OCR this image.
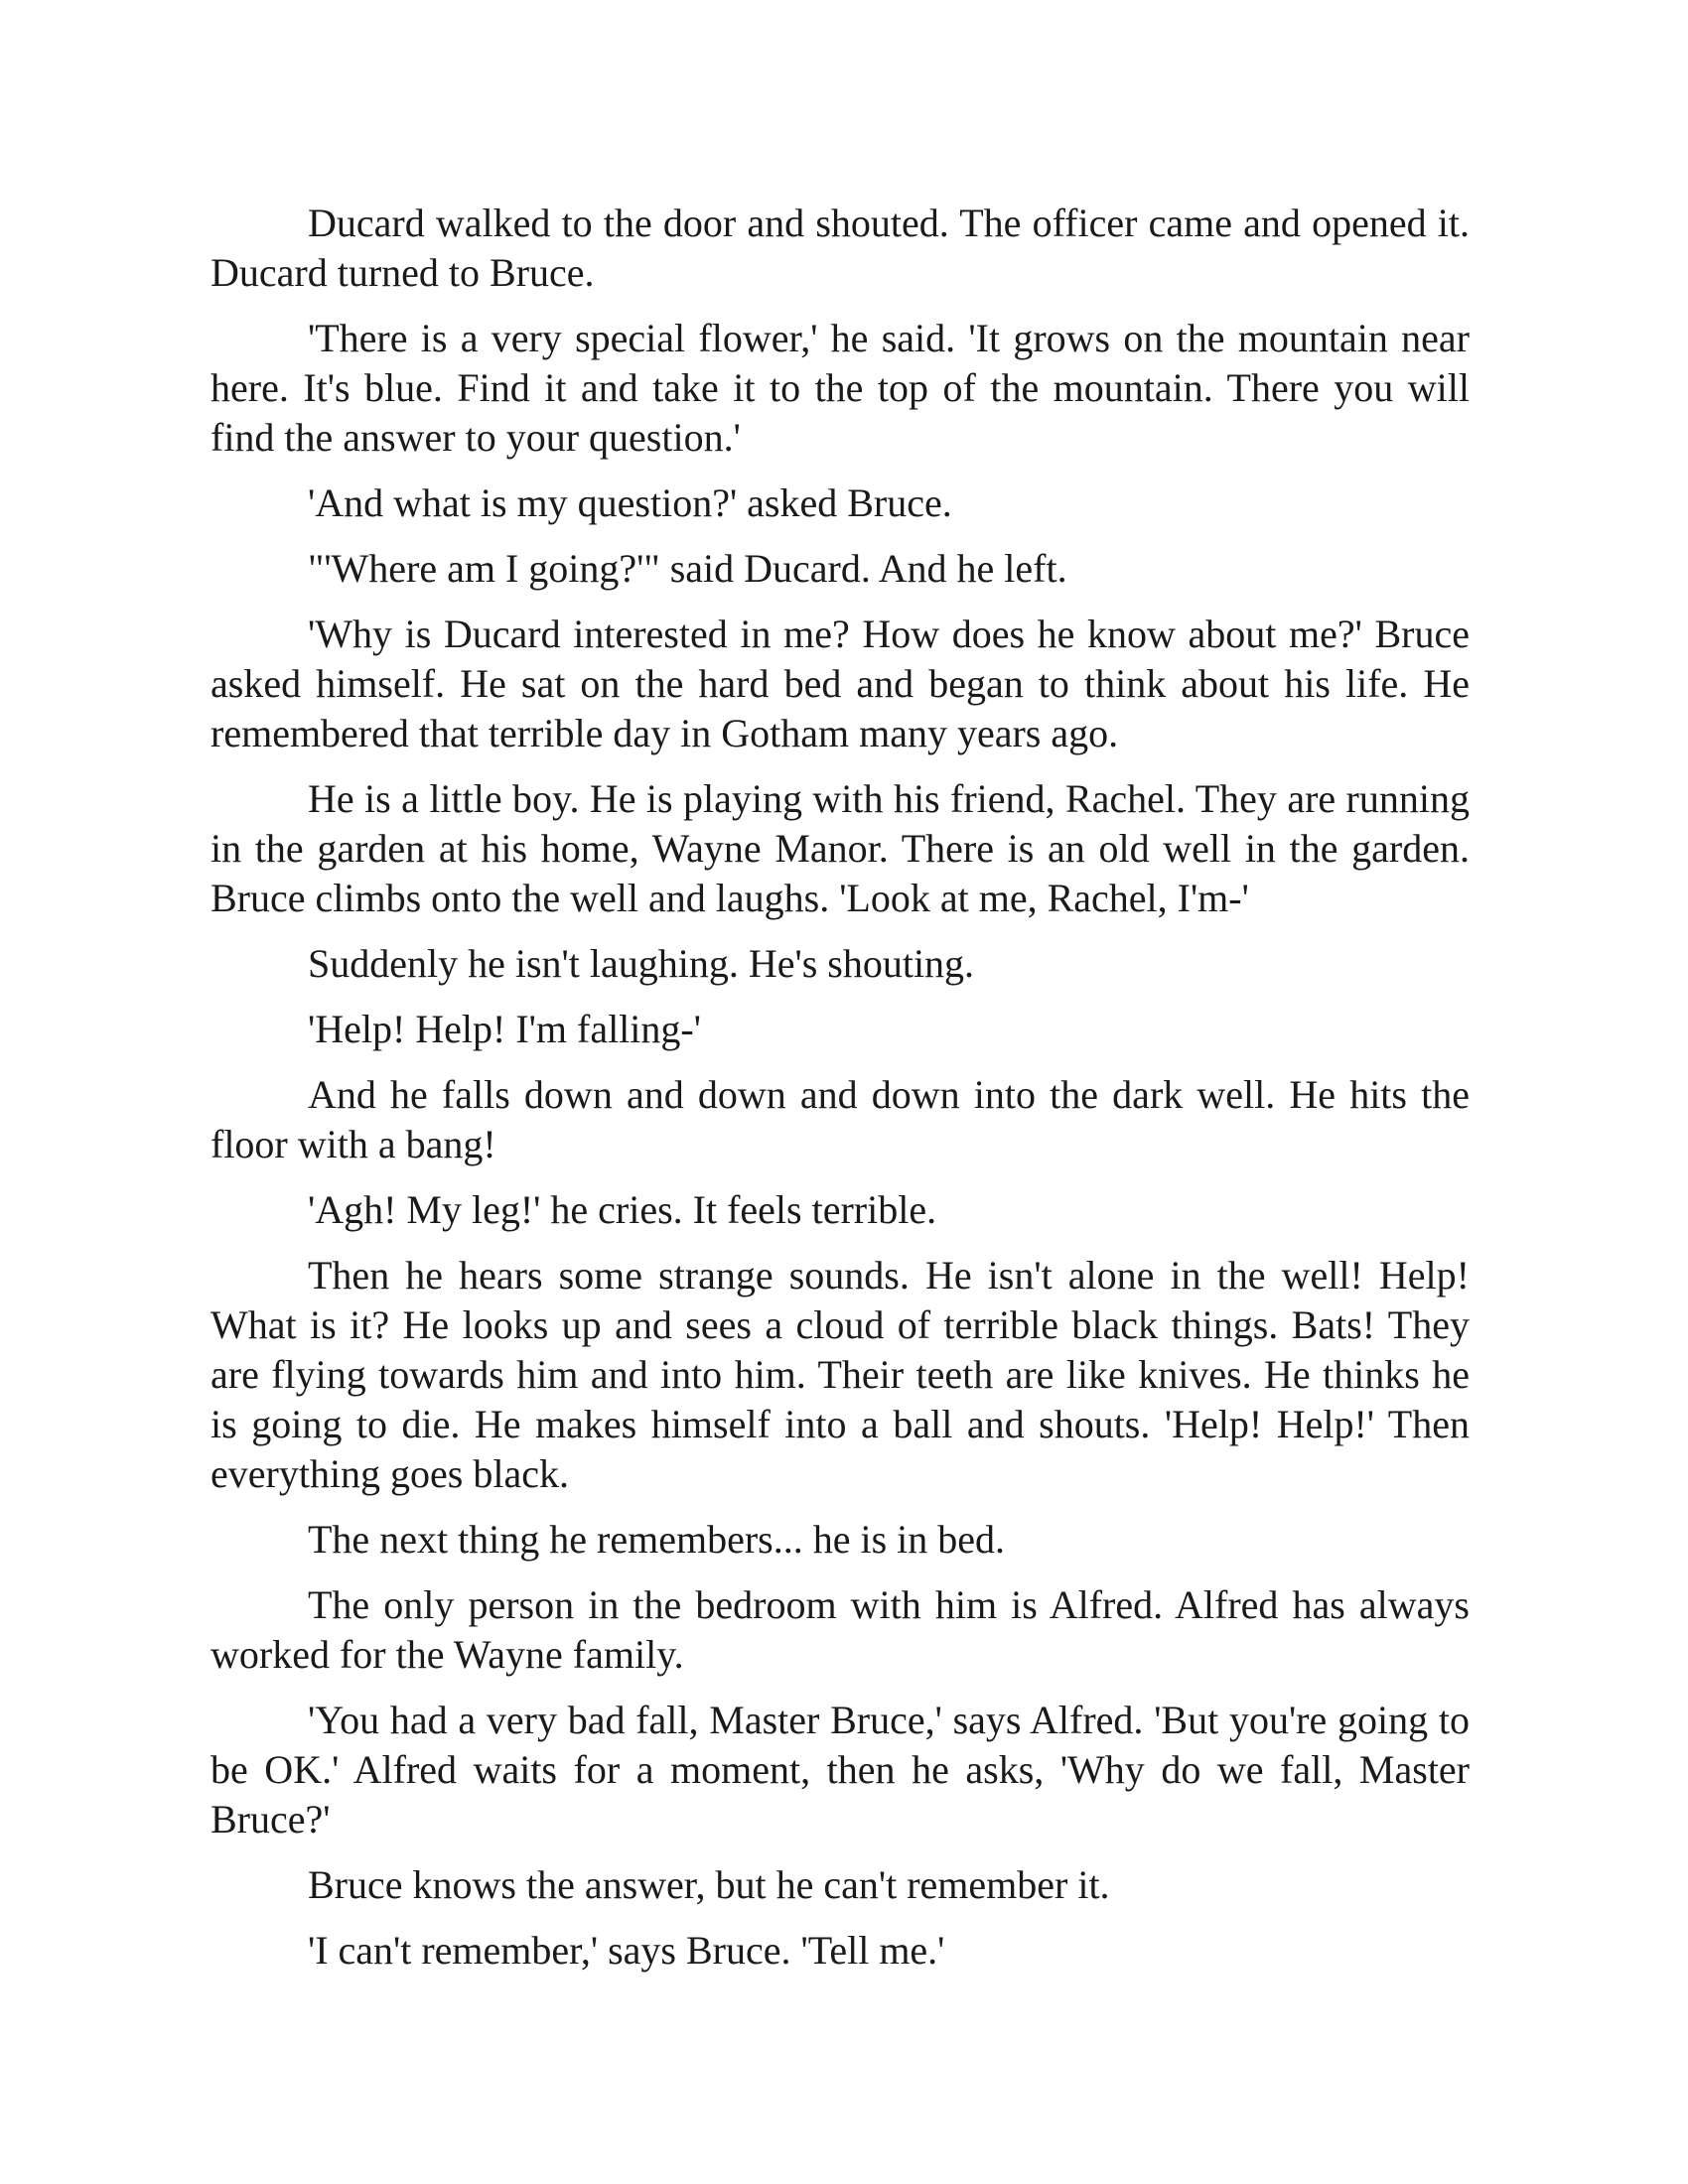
Ducard walked to the door and shouted. The officer came and opened it. Ducard turned to Bruce.

'There is a very special flower,' he said. 'It grows on the mountain near here. It's blue. Find it and take it to the top of the mountain. There you will find the answer to your question.'

'And what is my question?' asked Bruce.

"'Where am I going?'" said Ducard. And he left.

'Why is Ducard interested in me? How does he know about me?' Bruce asked himself. He sat on the hard bed and began to think about his life. He remembered that terrible day in Gotham many years ago.

He is a little boy. He is playing with his friend, Rachel. They are running in the garden at his home, Wayne Manor. There is an old well in the garden. Bruce climbs onto the well and laughs. 'Look at me, Rachel, I'm-'

Suddenly he isn't laughing. He's shouting.

'Help! Help! I'm falling-'

And he falls down and down and down into the dark well. He hits the floor with a bang!

'Agh! My leg!' he cries. It feels terrible.

Then he hears some strange sounds. He isn't alone in the well! Help! What is it? He looks up and sees a cloud of terrible black things. Bats! They are flying towards him and into him. Their teeth are like knives. He thinks he is going to die. He makes himself into a ball and shouts. 'Help! Help!' Then everything goes black.

The next thing he remembers... he is in bed.

The only person in the bedroom with him is Alfred. Alfred has always worked for the Wayne family.

'You had a very bad fall, Master Bruce,' says Alfred. 'But you're going to be OK.' Alfred waits for a moment, then he asks, 'Why do we fall, Master Bruce?'

Bruce knows the answer, but he can't remember it.

'I can't remember,' says Bruce. 'Tell me.'
